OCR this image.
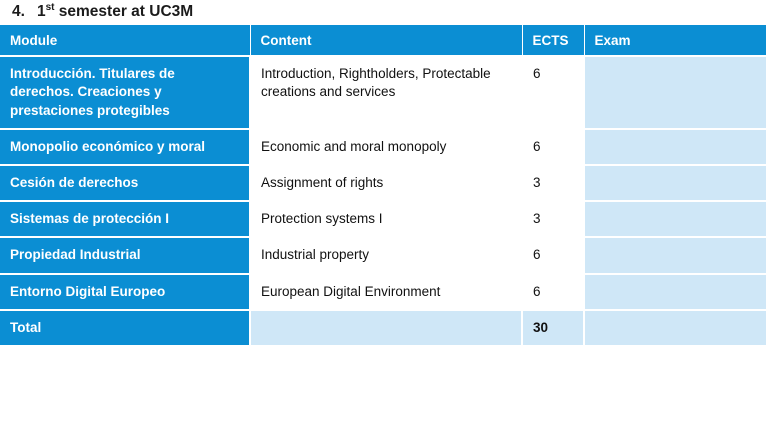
4. 1st semester at UC3M
Module	Content	ECTS	Exam
Introducción. Titulares de derechos. Creaciones y prestaciones protegibles	Introduction, Rightholders, Protectable creations and services	6	
Monopolio económico y moral	Economic and moral monopoly	6	
Cesión de derechos	Assignment of rights	3	
Sistemas de protección I	Protection systems I	3	
Propiedad Industrial	Industrial property	6	
Entorno Digital Europeo	European Digital Environment	6	
Total		30	
